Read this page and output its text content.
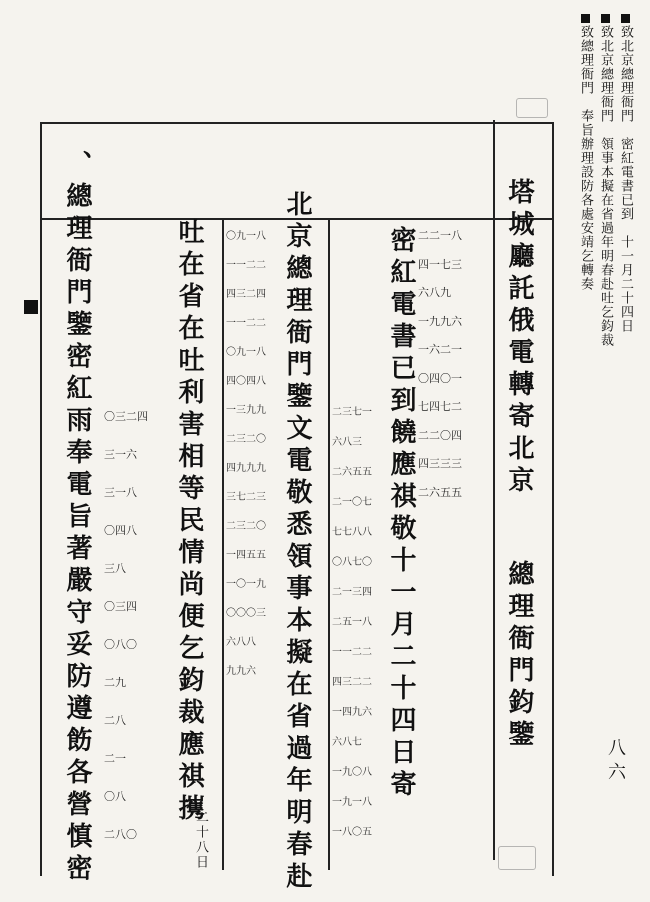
致北京總理衙門　密紅電書已到　十一月二十四日
致北京總理衙門　領事本擬在省過年明春赴吐乞鈞裁
致總理衙門　奉旨辦理設防各處安靖乞轉奏
八六
塔城廳託俄電轉寄北京
總理衙門鈞鑒
二二一八
四一七三
六八九
一九九六
一六二一
〇四〇一
七四七二
二二〇四
四三三三
二六五五
密紅電書已到饒應祺敬十一月二十四日寄
二三七一
六八三
二六五五
二一〇七
七七八八
〇八七〇
二一三四
二五一八
一一二二
四三二二
一四九六
六八七
一九〇八
一九一八
一八〇五
北京總理衙門鑒文電敬悉領事本擬在省過年明春赴
〇九一八
一一二二
四三二四
一一二二
〇九一八
四〇四八
一三九九
二三二〇
四九九九
三七二三
二三二〇
一四五五
一〇一九
〇〇〇三
六八八
九九六
吐在省在吐利害相等民情尚便乞鈞裁應祺㩗
二十八日
〇三二四
三一六
三一八
〇四八
三八
〇三四
〇八〇
二九
二八
二一
〇八
二八〇
、總理衙門鑒密紅雨奉電旨著嚴守妥防遵飭各營慎密
